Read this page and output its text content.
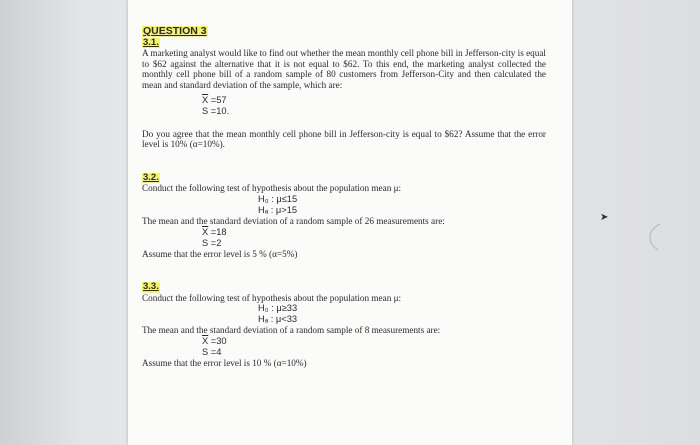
QUESTION 3
3.1.

A marketing analyst would like to find out whether the mean monthly cell phone bill in Jefferson-city is equal to $62 against the alternative that it is not equal to $62. To this end, the marketing analyst collected the monthly cell phone bill of a random sample of 80 customers from Jefferson-City and then calculated the mean and standard deviation of the sample, which are:

$\overline{X} =57$
S =10.

Do you agree that the mean monthly cell phone bill in Jefferson-city is equal to $62? Assume that the error level is 10% (α=10%).

3.2.
Conduct the following test of hypothesis about the population mean μ:
H₀ : μ≤15
Hₐ : μ>15
The mean and the standard deviation of a random sample of 26 measurements are:
$\overline{X} =18$
S =2
Assume that the error level is 5 % (α=5%)
3.3.
Conduct the following test of hypothesis about the population mean μ:
H₀ : μ≥33
Hₐ : μ<33
The mean and the standard deviation of a random sample of 8 measurements are:
$\overline{X} =30$
S =4
Assume that the error level is 10 % (α=10%)
➤
